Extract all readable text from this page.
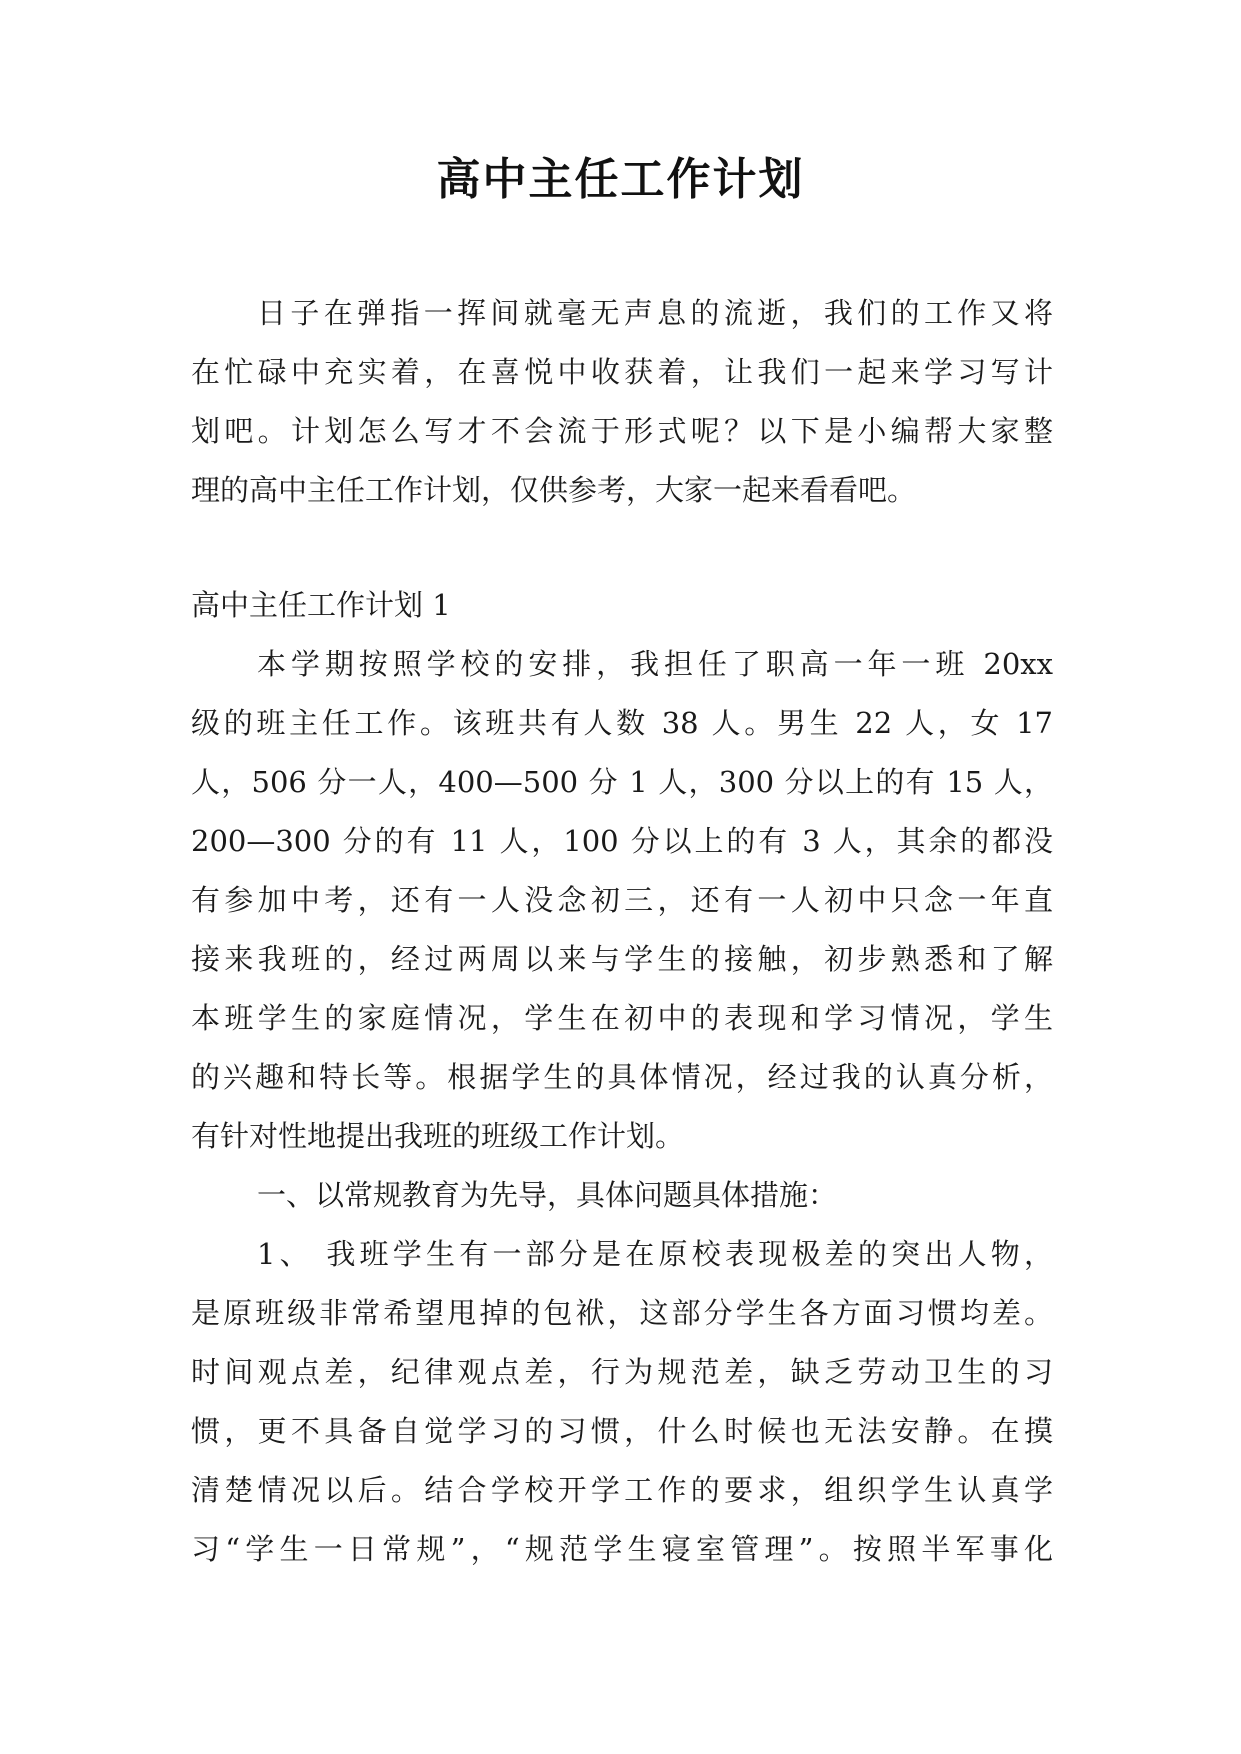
高中主任工作计划
日子在弹指一挥间就毫无声息的流逝，我们的工作又将
在忙碌中充实着，在喜悦中收获着，让我们一起来学习写计
划吧。计划怎么写才不会流于形式呢？以下是小编帮大家整
理的高中主任工作计划，仅供参考，大家一起来看看吧。
高中主任工作计划 1
本学期按照学校的安排，我担任了职高一年一班 20xx
级的班主任工作。该班共有人数 38 人。男生 22 人，女 17
人，506 分一人，400—500 分 1 人，300 分以上的有 15 人，
200—300 分的有 11 人，100 分以上的有 3 人，其余的都没
有参加中考，还有一人没念初三，还有一人初中只念一年直
接来我班的，经过两周以来与学生的接触，初步熟悉和了解
本班学生的家庭情况，学生在初中的表现和学习情况，学生
的兴趣和特长等。根据学生的具体情况，经过我的认真分析，
有针对性地提出我班的班级工作计划。
一、以常规教育为先导，具体问题具体措施：
1、 我班学生有一部分是在原校表现极差的突出人物，
是原班级非常希望甩掉的包袱，这部分学生各方面习惯均差。
时间观点差，纪律观点差，行为规范差，缺乏劳动卫生的习
惯，更不具备自觉学习的习惯，什么时候也无法安静。在摸
清楚情况以后。结合学校开学工作的要求，组织学生认真学
习“学生一日常规”，“规范学生寝室管理”。按照半军事化
